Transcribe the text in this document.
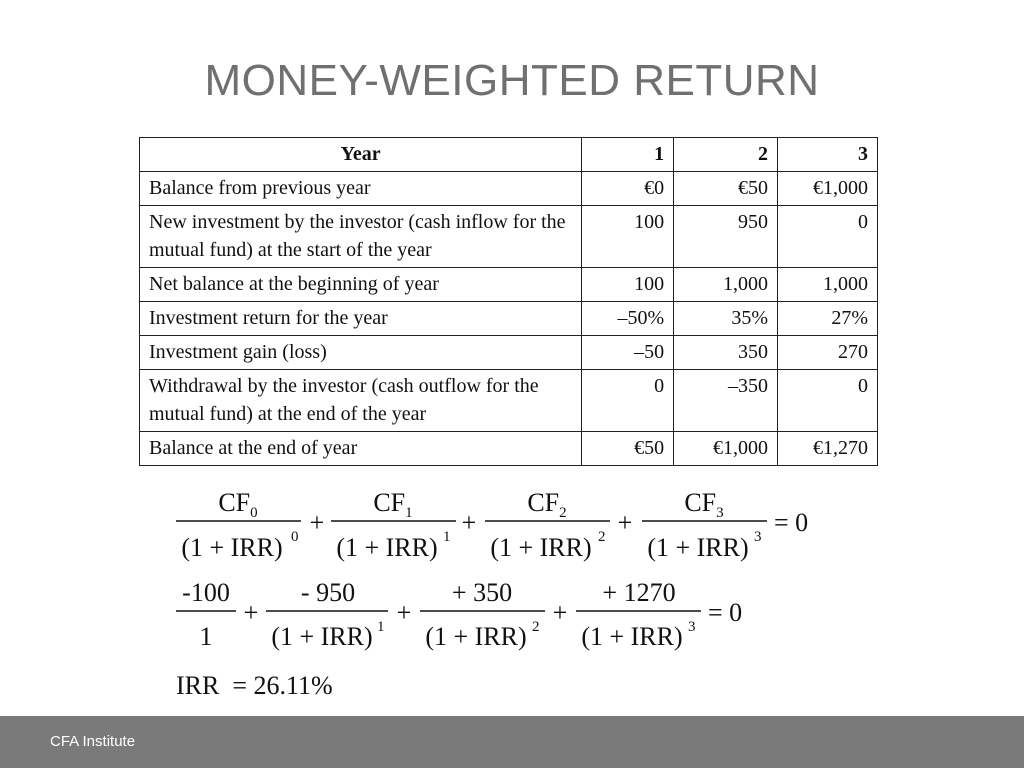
MONEY-WEIGHTED RETURN
Year	1	2	3
Balance from previous year	€0	€50	€1,000
New investment by the investor (cash inflow for the mutual fund) at the start of the year	100	950	0
Net balance at the beginning of year	100	1,000	1,000
Investment return for the year	–50%	35%	27%
Investment gain (loss)	–50	350	270
Withdrawal by the investor (cash outflow for the mutual fund) at the end of the year	0	–350	0
Balance at the end of year	€50	€1,000	€1,270
$CF_0$
(1 + IRR) 0 +
$CF_1$
(1 + IRR) 1 +
$CF_2$
(1 + IRR) 2 +
$CF_3$
(1 + IRR) 3 = 0
-100
1
+
- 950
(1 + IRR) 1 +
+ 350
(1 + IRR) 2 +
+ 1270
(1 + IRR) 3 = 0
IRR  = 26.11%
CFA Institute
